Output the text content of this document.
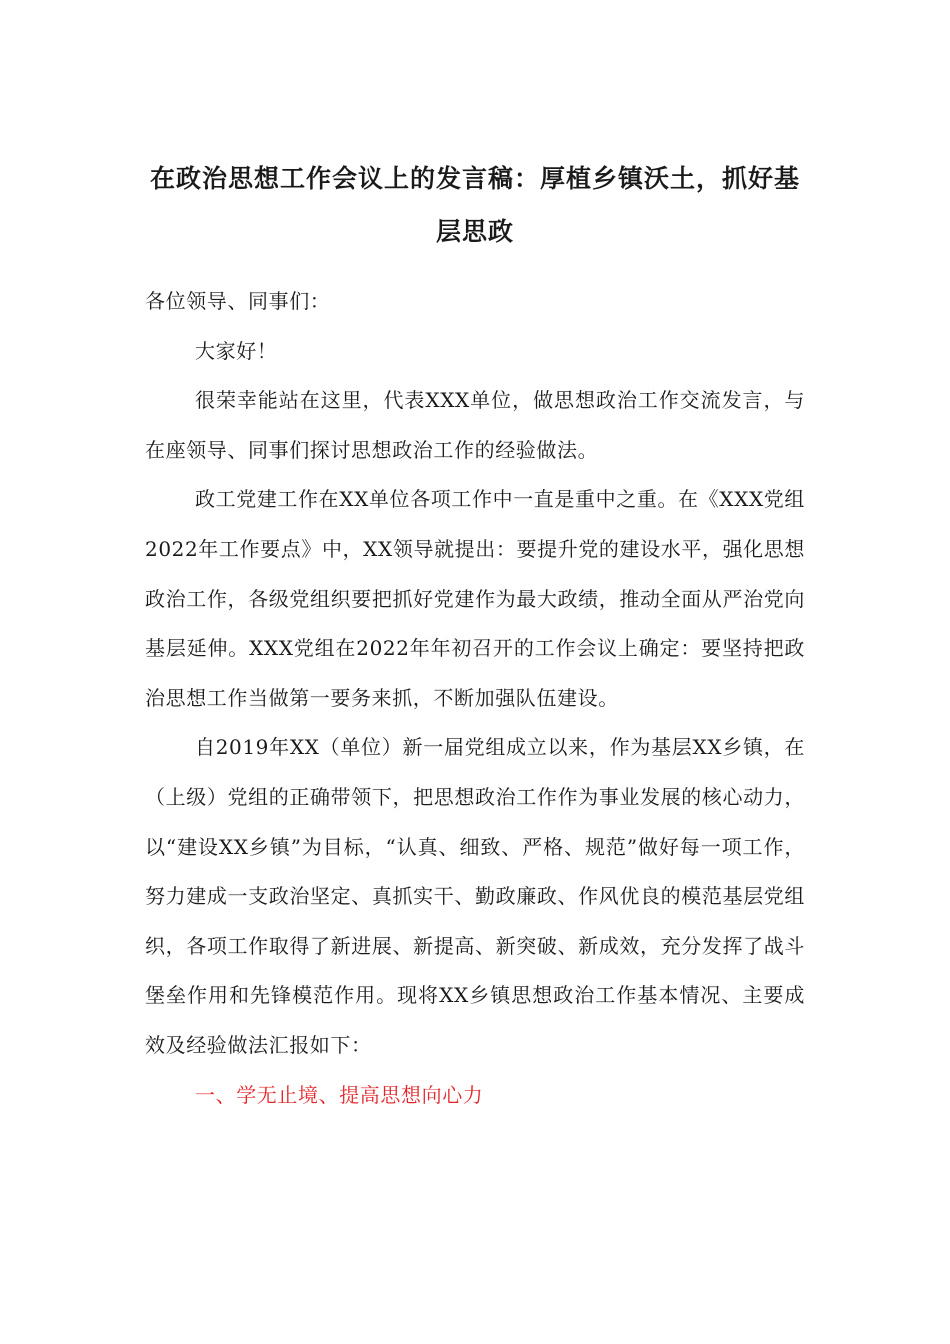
在政治思想工作会议上的发言稿：厚植乡镇沃土，抓好基层思政

各位领导、同事们：

大家好！

很荣幸能站在这里，代表XXX单位，做思想政治工作交流发言，与在座领导、同事们探讨思想政治工作的经验做法。

政工党建工作在XX单位各项工作中一直是重中之重。在《XXX党组2022年工作要点》中，XX领导就提出：要提升党的建设水平，强化思想政治工作，各级党组织要把抓好党建作为最大政绩，推动全面从严治党向基层延伸。XXX党组在2022年年初召开的工作会议上确定：要坚持把政治思想工作当做第一要务来抓，不断加强队伍建设。

自2019年XX（单位）新一届党组成立以来，作为基层XX乡镇，在（上级）党组的正确带领下，把思想政治工作作为事业发展的核心动力，以“建设XX乡镇”为目标，“认真、细致、严格、规范”做好每一项工作，努力建成一支政治坚定、真抓实干、勤政廉政、作风优良的模范基层党组织，各项工作取得了新进展、新提高、新突破、新成效，充分发挥了战斗堡垒作用和先锋模范作用。现将XX乡镇思想政治工作基本情况、主要成效及经验做法汇报如下：

一、学无止境、提高思想向心力
